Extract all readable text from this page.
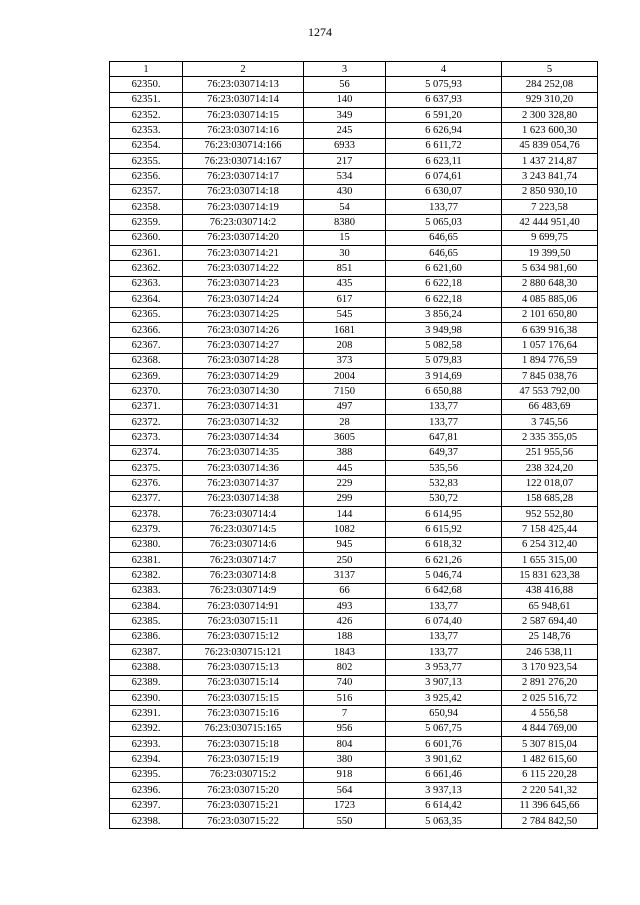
1274
1	2	3	4	5
62350.	76:23:030714:13	56	5 075,93	284 252,08
62351.	76:23:030714:14	140	6 637,93	929 310,20
62352.	76:23:030714:15	349	6 591,20	2 300 328,80
62353.	76:23:030714:16	245	6 626,94	1 623 600,30
62354.	76:23:030714:166	6933	6 611,72	45 839 054,76
62355.	76:23:030714:167	217	6 623,11	1 437 214,87
62356.	76:23:030714:17	534	6 074,61	3 243 841,74
62357.	76:23:030714:18	430	6 630,07	2 850 930,10
62358.	76:23:030714:19	54	133,77	7 223,58
62359.	76:23:030714:2	8380	5 065,03	42 444 951,40
62360.	76:23:030714:20	15	646,65	9 699,75
62361.	76:23:030714:21	30	646,65	19 399,50
62362.	76:23:030714:22	851	6 621,60	5 634 981,60
62363.	76:23:030714:23	435	6 622,18	2 880 648,30
62364.	76:23:030714:24	617	6 622,18	4 085 885,06
62365.	76:23:030714:25	545	3 856,24	2 101 650,80
62366.	76:23:030714:26	1681	3 949,98	6 639 916,38
62367.	76:23:030714:27	208	5 082,58	1 057 176,64
62368.	76:23:030714:28	373	5 079,83	1 894 776,59
62369.	76:23:030714:29	2004	3 914,69	7 845 038,76
62370.	76:23:030714:30	7150	6 650,88	47 553 792,00
62371.	76:23:030714:31	497	133,77	66 483,69
62372.	76:23:030714:32	28	133,77	3 745,56
62373.	76:23:030714:34	3605	647,81	2 335 355,05
62374.	76:23:030714:35	388	649,37	251 955,56
62375.	76:23:030714:36	445	535,56	238 324,20
62376.	76:23:030714:37	229	532,83	122 018,07
62377.	76:23:030714:38	299	530,72	158 685,28
62378.	76:23:030714:4	144	6 614,95	952 552,80
62379.	76:23:030714:5	1082	6 615,92	7 158 425,44
62380.	76:23:030714:6	945	6 618,32	6 254 312,40
62381.	76:23:030714:7	250	6 621,26	1 655 315,00
62382.	76:23:030714:8	3137	5 046,74	15 831 623,38
62383.	76:23:030714:9	66	6 642,68	438 416,88
62384.	76:23:030714:91	493	133,77	65 948,61
62385.	76:23:030715:11	426	6 074,40	2 587 694,40
62386.	76:23:030715:12	188	133,77	25 148,76
62387.	76:23:030715:121	1843	133,77	246 538,11
62388.	76:23:030715:13	802	3 953,77	3 170 923,54
62389.	76:23:030715:14	740	3 907,13	2 891 276,20
62390.	76:23:030715:15	516	3 925,42	2 025 516,72
62391.	76:23:030715:16	7	650,94	4 556,58
62392.	76:23:030715:165	956	5 067,75	4 844 769,00
62393.	76:23:030715:18	804	6 601,76	5 307 815,04
62394.	76:23:030715:19	380	3 901,62	1 482 615,60
62395.	76:23:030715:2	918	6 661,46	6 115 220,28
62396.	76:23:030715:20	564	3 937,13	2 220 541,32
62397.	76:23:030715:21	1723	6 614,42	11 396 645,66
62398.	76:23:030715:22	550	5 063,35	2 784 842,50
